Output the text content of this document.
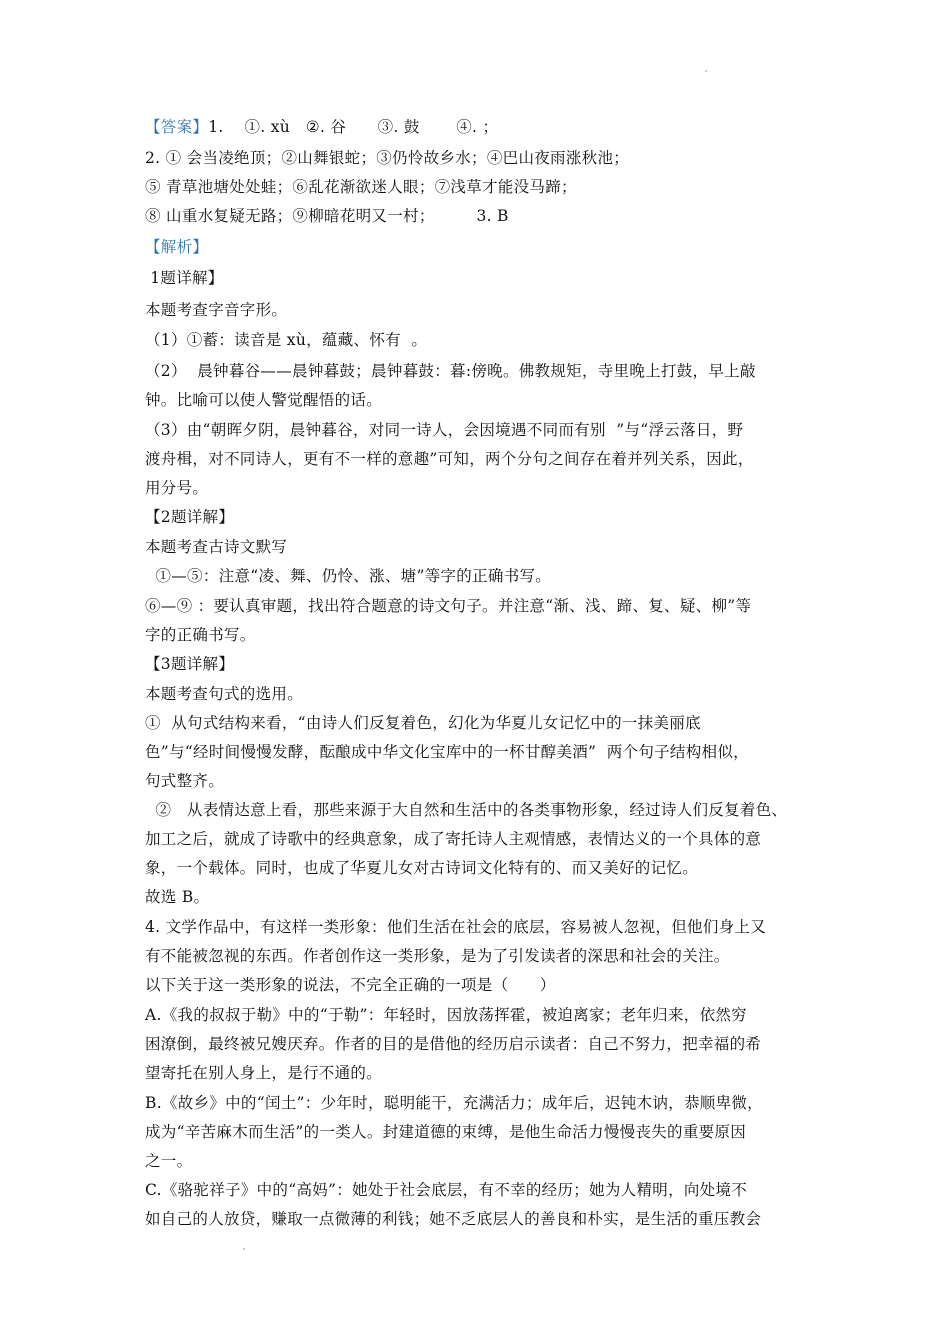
【答案】1.    ①. xù   ②. 谷      ③. 鼓       ④. ；
2. ① 会当凌绝顶；②山舞银蛇；③仍怜故乡水；④巴山夜雨涨秋池；
⑤ 青草池塘处处蛙；⑥乱花渐欲迷人眼；⑦浅草才能没马蹄；
⑧ 山重水复疑无路；⑨柳暗花明又一村；        3. B
【解析】
1题详解】
本题考查字音字形。
（1）①蓄：读音是 xù，蕴藏、怀有  。
（2）  晨钟暮谷——晨钟暮鼓；晨钟暮鼓：暮:傍晚。佛教规矩，寺里晚上打鼓，早上敲
钟。比喻可以使人警觉醒悟的话。
（3）由“朝晖夕阴，晨钟暮谷，对同一诗人，会因境遇不同而有别  ”与“浮云落日，野
渡舟楫，对不同诗人，更有不一样的意趣”可知，两个分句之间存在着并列关系，因此，
用分号。
【2题详解】
本题考查古诗文默写
①—⑤：注意“凌、舞、仍怜、涨、塘”等字的正确书写。
⑥—⑨ ：要认真审题，找出符合题意的诗文句子。并注意“渐、浅、蹄、复、疑、柳”等
字的正确书写。
【3题详解】
本题考查句式的选用。
①  从句式结构来看，“由诗人们反复着色，幻化为华夏儿女记忆中的一抹美丽底
色”与“经时间慢慢发酵，酝酿成中华文化宝库中的一杯甘醇美酒”  两个句子结构相似，
句式整齐。
②   从表情达意上看，那些来源于大自然和生活中的各类事物形象，经过诗人们反复着色、
加工之后，就成了诗歌中的经典意象，成了寄托诗人主观情感，表情达义的一个具体的意
象，一个载体。同时，也成了华夏儿女对古诗词文化特有的、而又美好的记忆。
故选 B。
4. 文学作品中，有这样一类形象：他们生活在社会的底层，容易被人忽视，但他们身上又
有不能被忽视的东西。作者创作这一类形象，是为了引发读者的深思和社会的关注。
以下关于这一类形象的说法，不完全正确的一项是（      ）
A.《我的叔叔于勒》中的“于勒”：年轻时，因放荡挥霍，被迫离家；老年归来，依然穷
困潦倒，最终被兄嫂厌弃。作者的目的是借他的经历启示读者：自己不努力，把幸福的希
望寄托在别人身上，是行不通的。
B.《故乡》中的“闰土”：少年时，聪明能干，充满活力；成年后，迟钝木讷，恭顺卑微，
成为“辛苦麻木而生活”的一类人。封建道德的束缚，是他生命活力慢慢丧失的重要原因
之一。
C.《骆驼祥子》中的“高妈”：她处于社会底层，有不幸的经历；她为人精明，向处境不
如自己的人放贷，赚取一点微薄的利钱；她不乏底层人的善良和朴实，是生活的重压教会
